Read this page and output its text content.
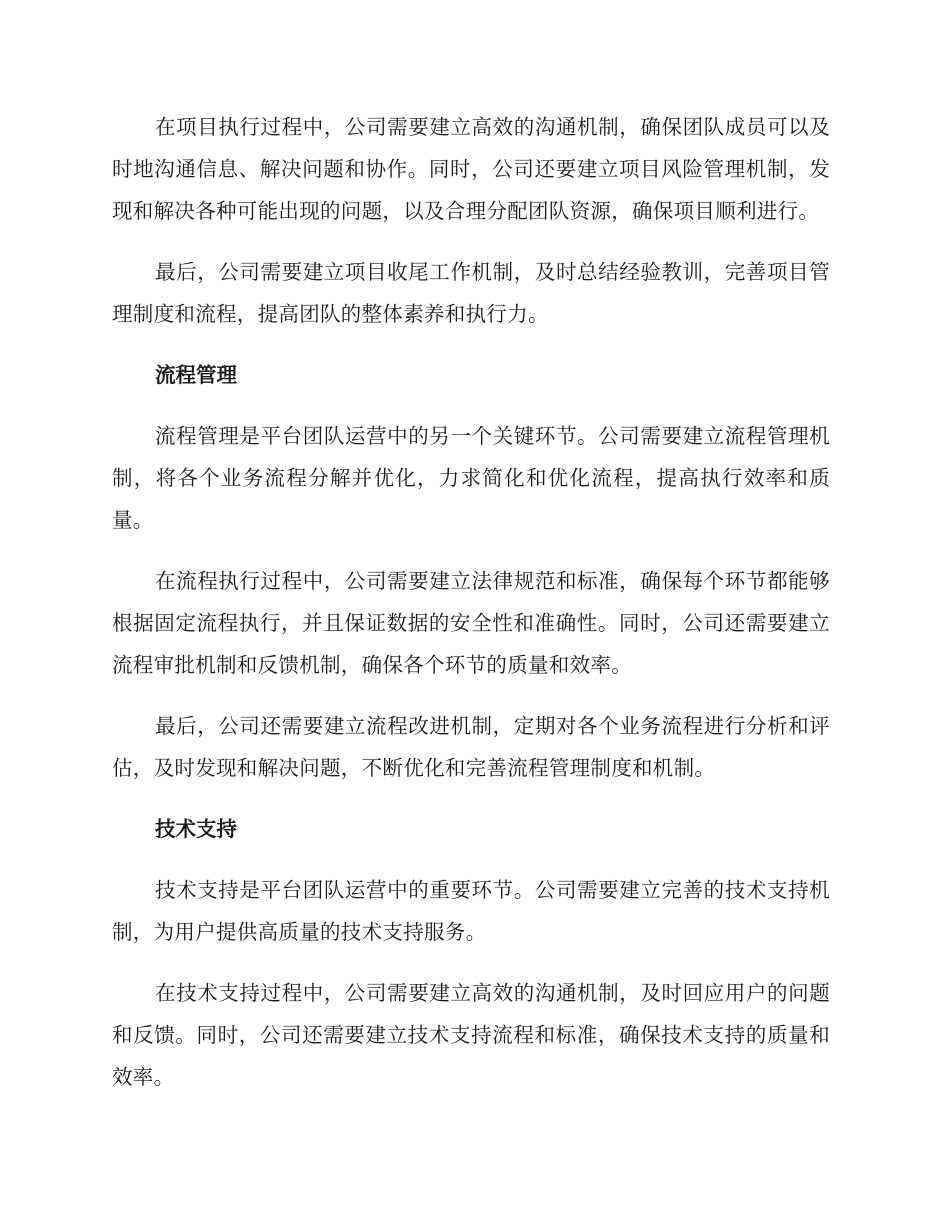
在项目执行过程中，公司需要建立高效的沟通机制，确保团队成员可以及时地沟通信息、解决问题和协作。同时，公司还要建立项目风险管理机制，发现和解决各种可能出现的问题，以及合理分配团队资源，确保项目顺利进行。

最后，公司需要建立项目收尾工作机制，及时总结经验教训，完善项目管理制度和流程，提高团队的整体素养和执行力。

流程管理

流程管理是平台团队运营中的另一个关键环节。公司需要建立流程管理机制，将各个业务流程分解并优化，力求简化和优化流程，提高执行效率和质量。

在流程执行过程中，公司需要建立法律规范和标准，确保每个环节都能够根据固定流程执行，并且保证数据的安全性和准确性。同时，公司还需要建立流程审批机制和反馈机制，确保各个环节的质量和效率。

最后，公司还需要建立流程改进机制，定期对各个业务流程进行分析和评估，及时发现和解决问题，不断优化和完善流程管理制度和机制。

技术支持

技术支持是平台团队运营中的重要环节。公司需要建立完善的技术支持机制，为用户提供高质量的技术支持服务。

在技术支持过程中，公司需要建立高效的沟通机制，及时回应用户的问题和反馈。同时，公司还需要建立技术支持流程和标准，确保技术支持的质量和效率。
